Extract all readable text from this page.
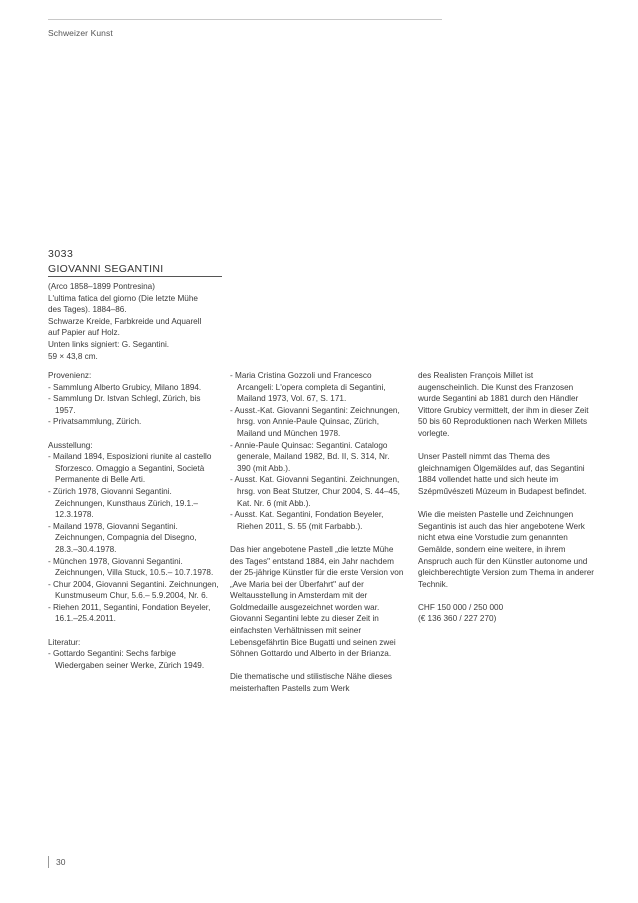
Schweizer Kunst
3033
GIOVANNI SEGANTINI
(Arco 1858–1899 Pontresina)
L'ultima fatica del giorno (Die letzte Mühe
des Tages). 1884–86.
Schwarze Kreide, Farbkreide und Aquarell
auf Papier auf Holz.
Unten links signiert: G. Segantini.
59 × 43,8 cm.
Provenienz:
- Sammlung Alberto Grubicy, Milano 1894.
- Sammlung Dr. Istvan Schlegl, Zürich, bis 1957.
- Privatsammlung, Zürich.
Ausstellung:
- Mailand 1894, Esposizioni riunite al castello Sforzesco. Omaggio a Segantini, Società Permanente di Belle Arti.
- Zürich 1978, Giovanni Segantini. Zeichnungen, Kunsthaus Zürich, 19.1.– 12.3.1978.
- Mailand 1978, Giovanni Segantini. Zeichnungen, Compagnia del Disegno, 28.3.–30.4.1978.
- München 1978, Giovanni Segantini. Zeichnungen, Villa Stuck, 10.5.– 10.7.1978.
- Chur 2004, Giovanni Segantini. Zeichnungen, Kunstmuseum Chur, 5.6.– 5.9.2004, Nr. 6.
- Riehen 2011, Segantini, Fondation Beyeler, 16.1.–25.4.2011.
Literatur:
- Gottardo Segantini: Sechs farbige Wiedergaben seiner Werke, Zürich 1949.
- Maria Cristina Gozzoli und Francesco Arcangeli: L'opera completa di Segantini, Mailand 1973, Vol. 67, S. 171.
- Ausst.-Kat. Giovanni Segantini: Zeichnungen, hrsg. von Annie-Paule Quinsac, Zürich, Mailand und München 1978.
- Annie-Paule Quinsac: Segantini. Catalogo generale, Mailand 1982, Bd. II, S. 314, Nr. 390 (mit Abb.).
- Ausst. Kat. Giovanni Segantini. Zeichnungen, hrsg. von Beat Stutzer, Chur 2004, S. 44–45, Kat. Nr. 6 (mit Abb.).
- Ausst. Kat. Segantini, Fondation Beyeler, Riehen 2011, S. 55 (mit Farbabb.).
Das hier angebotene Pastell „die letzte Mühe des Tages" entstand 1884, ein Jahr nachdem der 25-jährige Künstler für die erste Version von „Ave Maria bei der Überfahrt" auf der Weltausstellung in Amsterdam mit der Goldmedaille ausgezeichnet worden war. Giovanni Segantini lebte zu dieser Zeit in einfachsten Verhältnissen mit seiner Lebensgefährtin Bice Bugatti und seinen zwei Söhnen Gottardo und Alberto in der Brianza.
Die thematische und stilistische Nähe dieses meisterhaften Pastells zum Werk
des Realisten François Millet ist augenscheinlich. Die Kunst des Franzosen wurde Segantini ab 1881 durch den Händler Vittore Grubicy vermittelt, der ihm in dieser Zeit 50 bis 60 Reproduktionen nach Werken Millets vorlegte.
Unser Pastell nimmt das Thema des gleichnamigen Ölgemäldes auf, das Segantini 1884 vollendet hatte und sich heute im Szépművészeti Múzeum in Budapest befindet.
Wie die meisten Pastelle und Zeichnungen Segantinis ist auch das hier angebotene Werk nicht etwa eine Vorstudie zum genannten Gemälde, sondern eine weitere, in ihrem Anspruch auch für den Künstler autonome und gleichberechtigte Version zum Thema in anderer Technik.
CHF 150 000 / 250 000
(€ 136 360 / 227 270)
30
